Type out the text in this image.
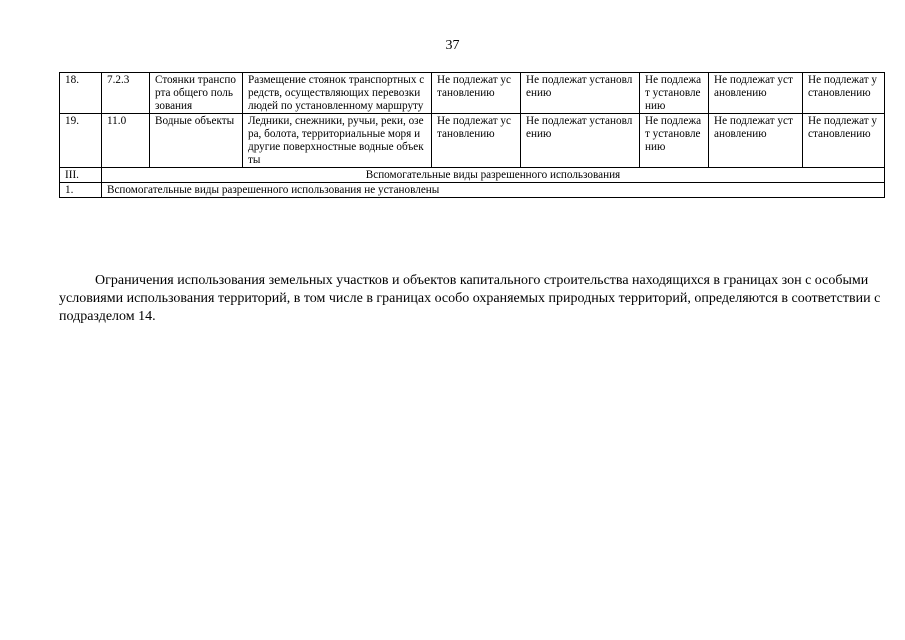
37
18.	7.2.3	Стоянки транспорта общего пользования	Размещение стоянок транспортных средств, осуществляющих перевозки людей по установленному маршруту	Не подлежат установлению	Не подлежат установлению	Не подлежат установлению	Не подлежат установлению	Не подлежат установлению
19.	11.0	Водные объекты	Ледники, снежники, ручьи, реки, озера, болота, территориальные моря и другие поверхностные водные объекты	Не подлежат установлению	Не подлежат установлению	Не подлежат установлению	Не подлежат установлению	Не подлежат установлению
III.	Вспомогательные виды разрешенного использования							
1.	Вспомогательные виды разрешенного использования не установлены							

Ограничения использования земельных участков и объектов капитального строительства находящихся в границах зон с особыми условиями использования территорий, в том числе в границах особо охраняемых природных территорий, определяются в соответствии с подразделом 14.
